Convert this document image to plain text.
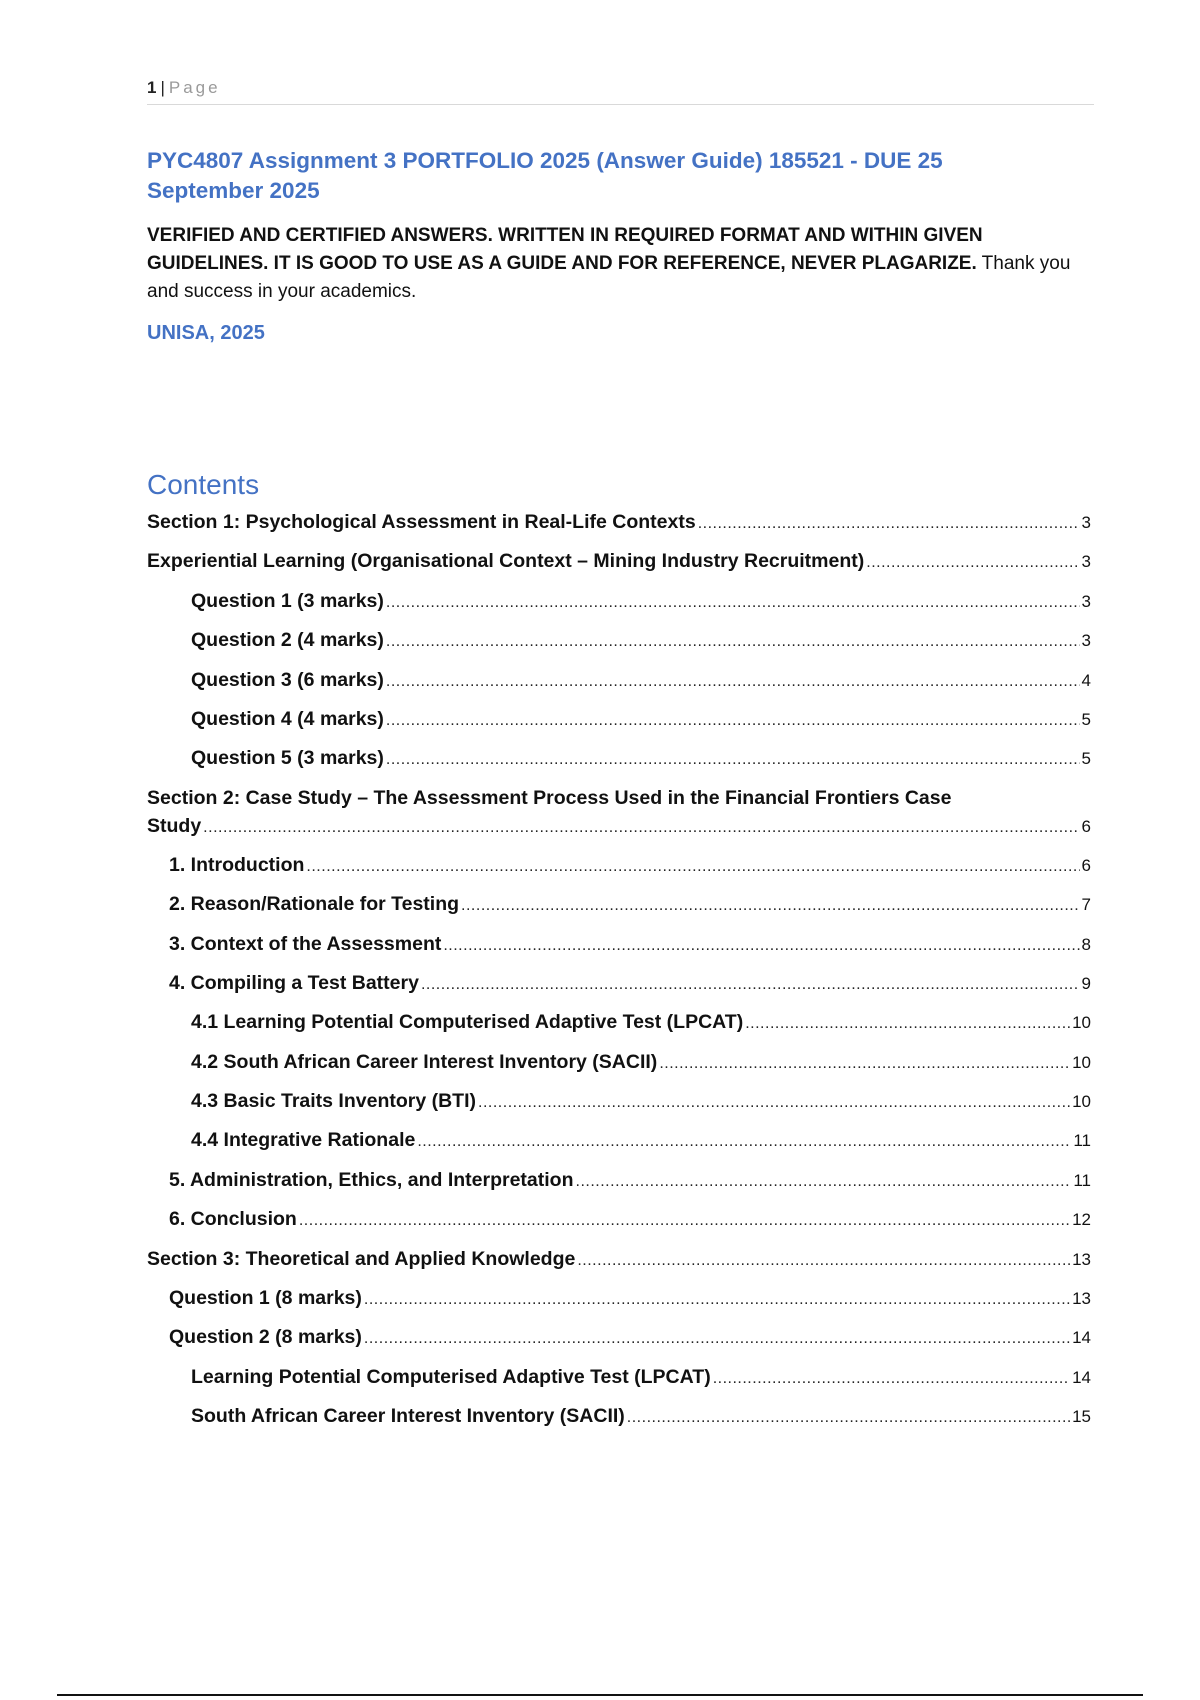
1 | Page
PYC4807 Assignment 3 PORTFOLIO 2025 (Answer Guide) 185521 - DUE 25 September 2025
VERIFIED AND CERTIFIED ANSWERS. WRITTEN IN REQUIRED FORMAT AND WITHIN GIVEN GUIDELINES. IT IS GOOD TO USE AS A GUIDE AND FOR REFERENCE, NEVER PLAGARIZE. Thank you and success in your academics.
UNISA, 2025
Contents
Section 1: Psychological Assessment in Real-Life Contexts .....	3
Experiential Learning (Organisational Context – Mining Industry Recruitment) .....	3
Question 1 (3 marks) .....	3
Question 2 (4 marks) .....	3
Question 3 (6 marks) .....	4
Question 4 (4 marks) .....	5
Question 5 (3 marks) .....	5
Section 2: Case Study – The Assessment Process Used in the Financial Frontiers Case
Study .....	6
1. Introduction .....	6
2. Reason/Rationale for Testing .....	7
3. Context of the Assessment .....	8
4. Compiling a Test Battery .....	9
4.1 Learning Potential Computerised Adaptive Test (LPCAT) .....	10
4.2 South African Career Interest Inventory (SACII) .....	10
4.3 Basic Traits Inventory (BTI) .....	10
4.4 Integrative Rationale .....	11
5. Administration, Ethics, and Interpretation .....	11
6. Conclusion .....	12
Section 3: Theoretical and Applied Knowledge .....	13
Question 1 (8 marks) .....	13
Question 2 (8 marks) .....	14
Learning Potential Computerised Adaptive Test (LPCAT) .....	14
South African Career Interest Inventory (SACII) .....	15
